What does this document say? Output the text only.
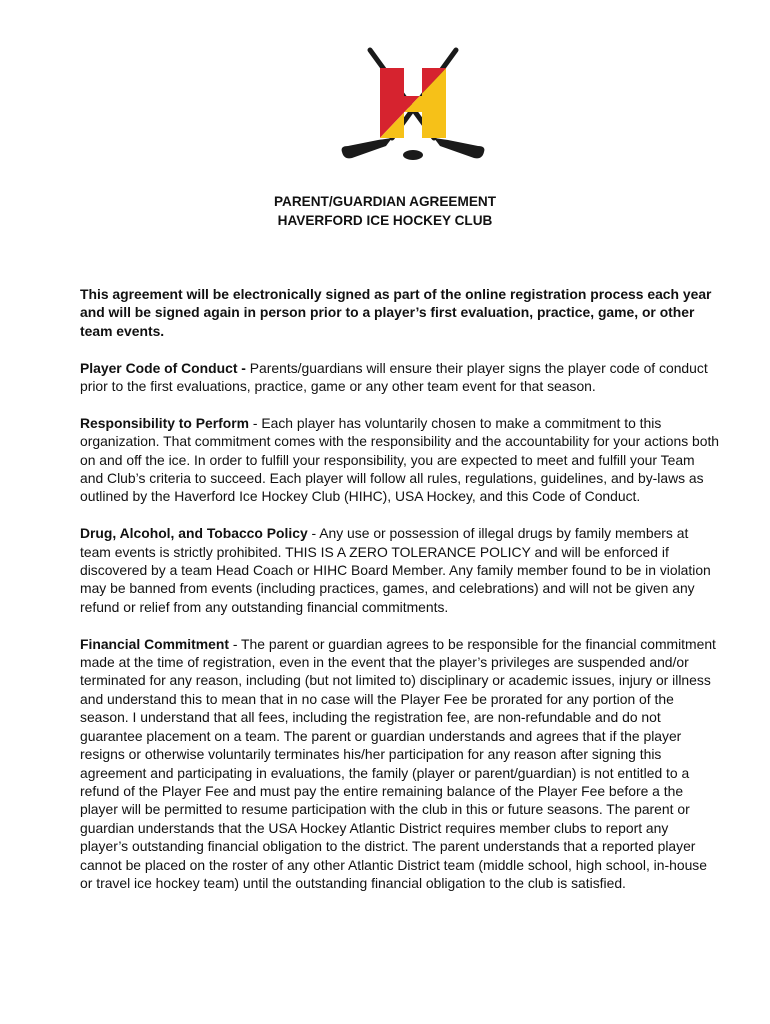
PARENT/GUARDIAN AGREEMENT
HAVERFORD ICE HOCKEY CLUB

This agreement will be electronically signed as part of the online registration process each year and will be signed again in person prior to a player’s first evaluation, practice, game, or other team events.

Player Code of Conduct - Parents/guardians will ensure their player signs the player code of conduct prior to the first evaluations, practice, game or any other team event for that season.

Responsibility to Perform - Each player has voluntarily chosen to make a commitment to this organization. That commitment comes with the responsibility and the accountability for your actions both on and off the ice. In order to fulfill your responsibility, you are expected to meet and fulfill your Team and Club’s criteria to succeed. Each player will follow all rules, regulations, guidelines, and by-laws as outlined by the Haverford Ice Hockey Club (HIHC), USA Hockey, and this Code of Conduct.

Drug, Alcohol, and Tobacco Policy - Any use or possession of illegal drugs by family members at team events is strictly prohibited. THIS IS A ZERO TOLERANCE POLICY and will be enforced if discovered by a team Head Coach or HIHC Board Member. Any family member found to be in violation may be banned from events (including practices, games, and celebrations) and will not be given any refund or relief from any outstanding financial commitments.

Financial Commitment - The parent or guardian agrees to be responsible for the financial commitment made at the time of registration, even in the event that the player’s privileges are suspended and/or terminated for any reason, including (but not limited to) disciplinary or academic issues, injury or illness and understand this to mean that in no case will the Player Fee be prorated for any portion of the season. I understand that all fees, including the registration fee, are non-refundable and do not guarantee placement on a team. The parent or guardian understands and agrees that if the player resigns or otherwise voluntarily terminates his/her participation for any reason after signing this agreement and participating in evaluations, the family (player or parent/guardian) is not entitled to a refund of the Player Fee and must pay the entire remaining balance of the Player Fee before a the player will be permitted to resume participation with the club in this or future seasons. The parent or guardian understands that the USA Hockey Atlantic District requires member clubs to report any player’s outstanding financial obligation to the district. The parent understands that a reported player cannot be placed on the roster of any other Atlantic District team (middle school, high school, in-house or travel ice hockey team) until the outstanding financial obligation to the club is satisfied.
